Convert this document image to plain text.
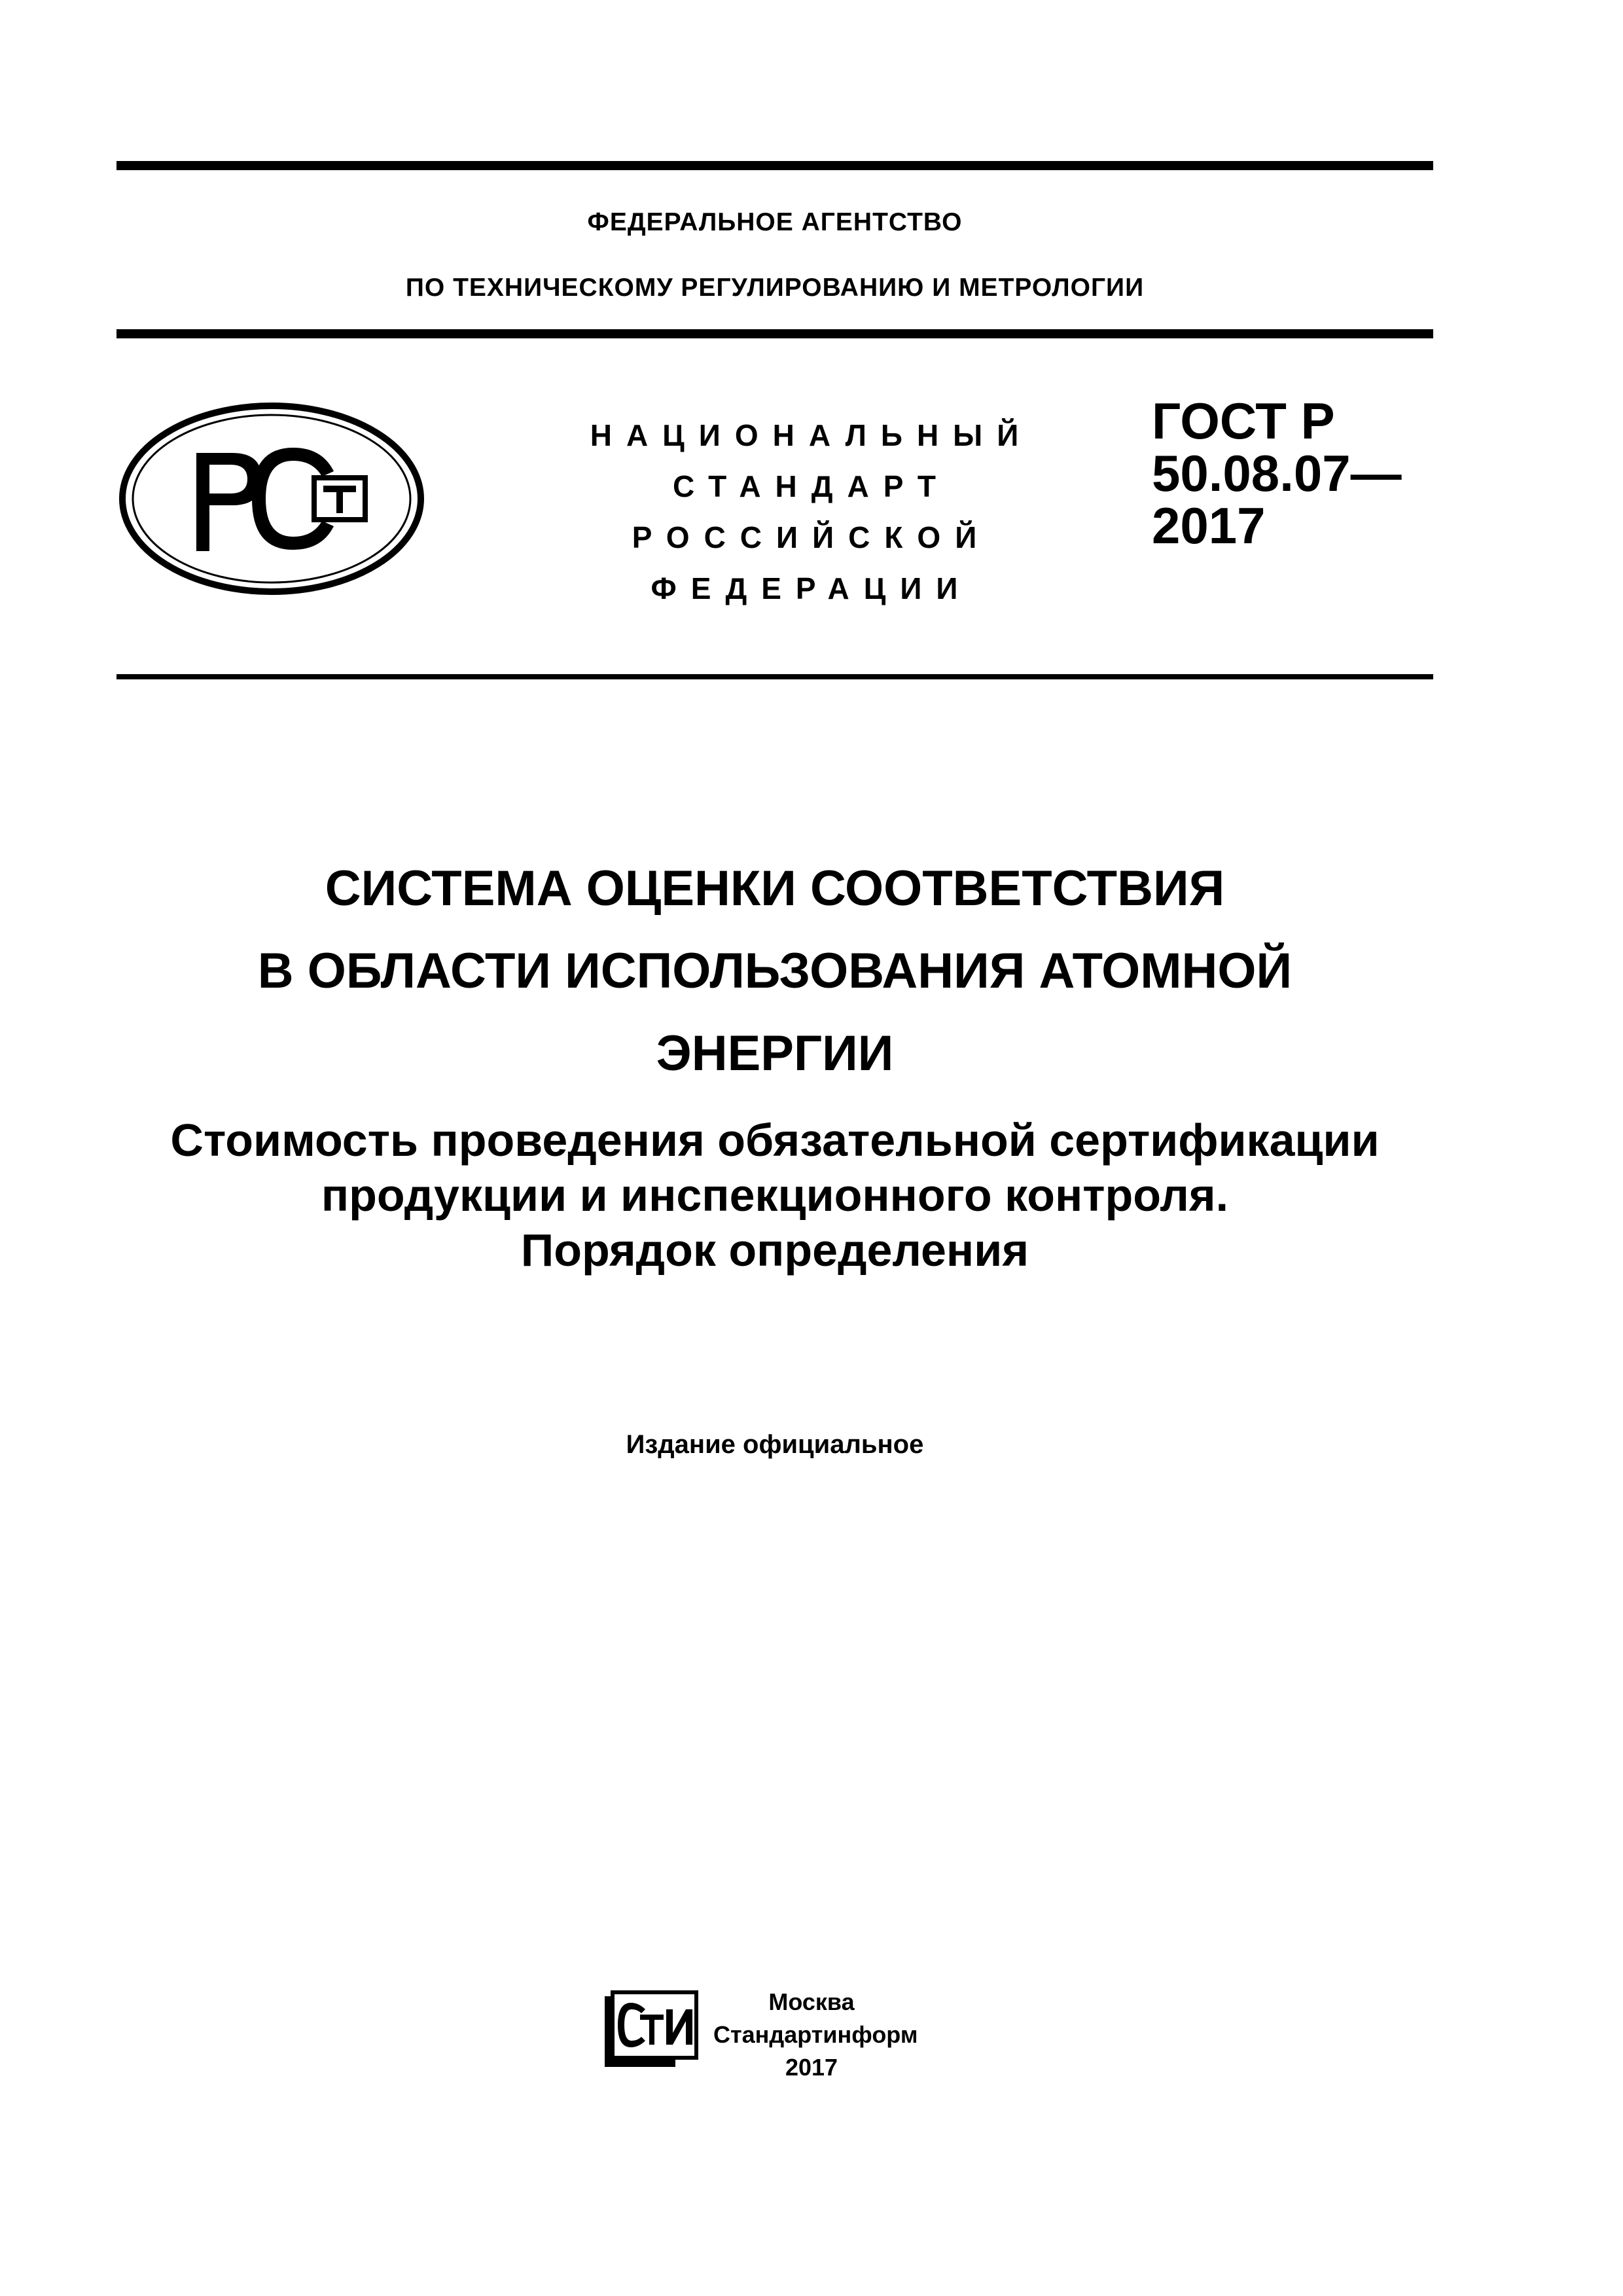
ФЕДЕРАЛЬНОЕ АГЕНТСТВО
ПО ТЕХНИЧЕСКОМУ РЕГУЛИРОВАНИЮ И МЕТРОЛОГИИ
НАЦИОНАЛЬНЫЙ
СТАНДАРТ
РОССИЙСКОЙ
ФЕДЕРАЦИИ
ГОСТ Р
50.08.07—
2017
СИСТЕМА ОЦЕНКИ СООТВЕТСТВИЯ
В ОБЛАСТИ ИСПОЛЬЗОВАНИЯ АТОМНОЙ
ЭНЕРГИИ
Стоимость проведения обязательной сертификации
продукции и инспекционного контроля.
Порядок определения
Издание официальное
Москва
Стандартинформ
2017
